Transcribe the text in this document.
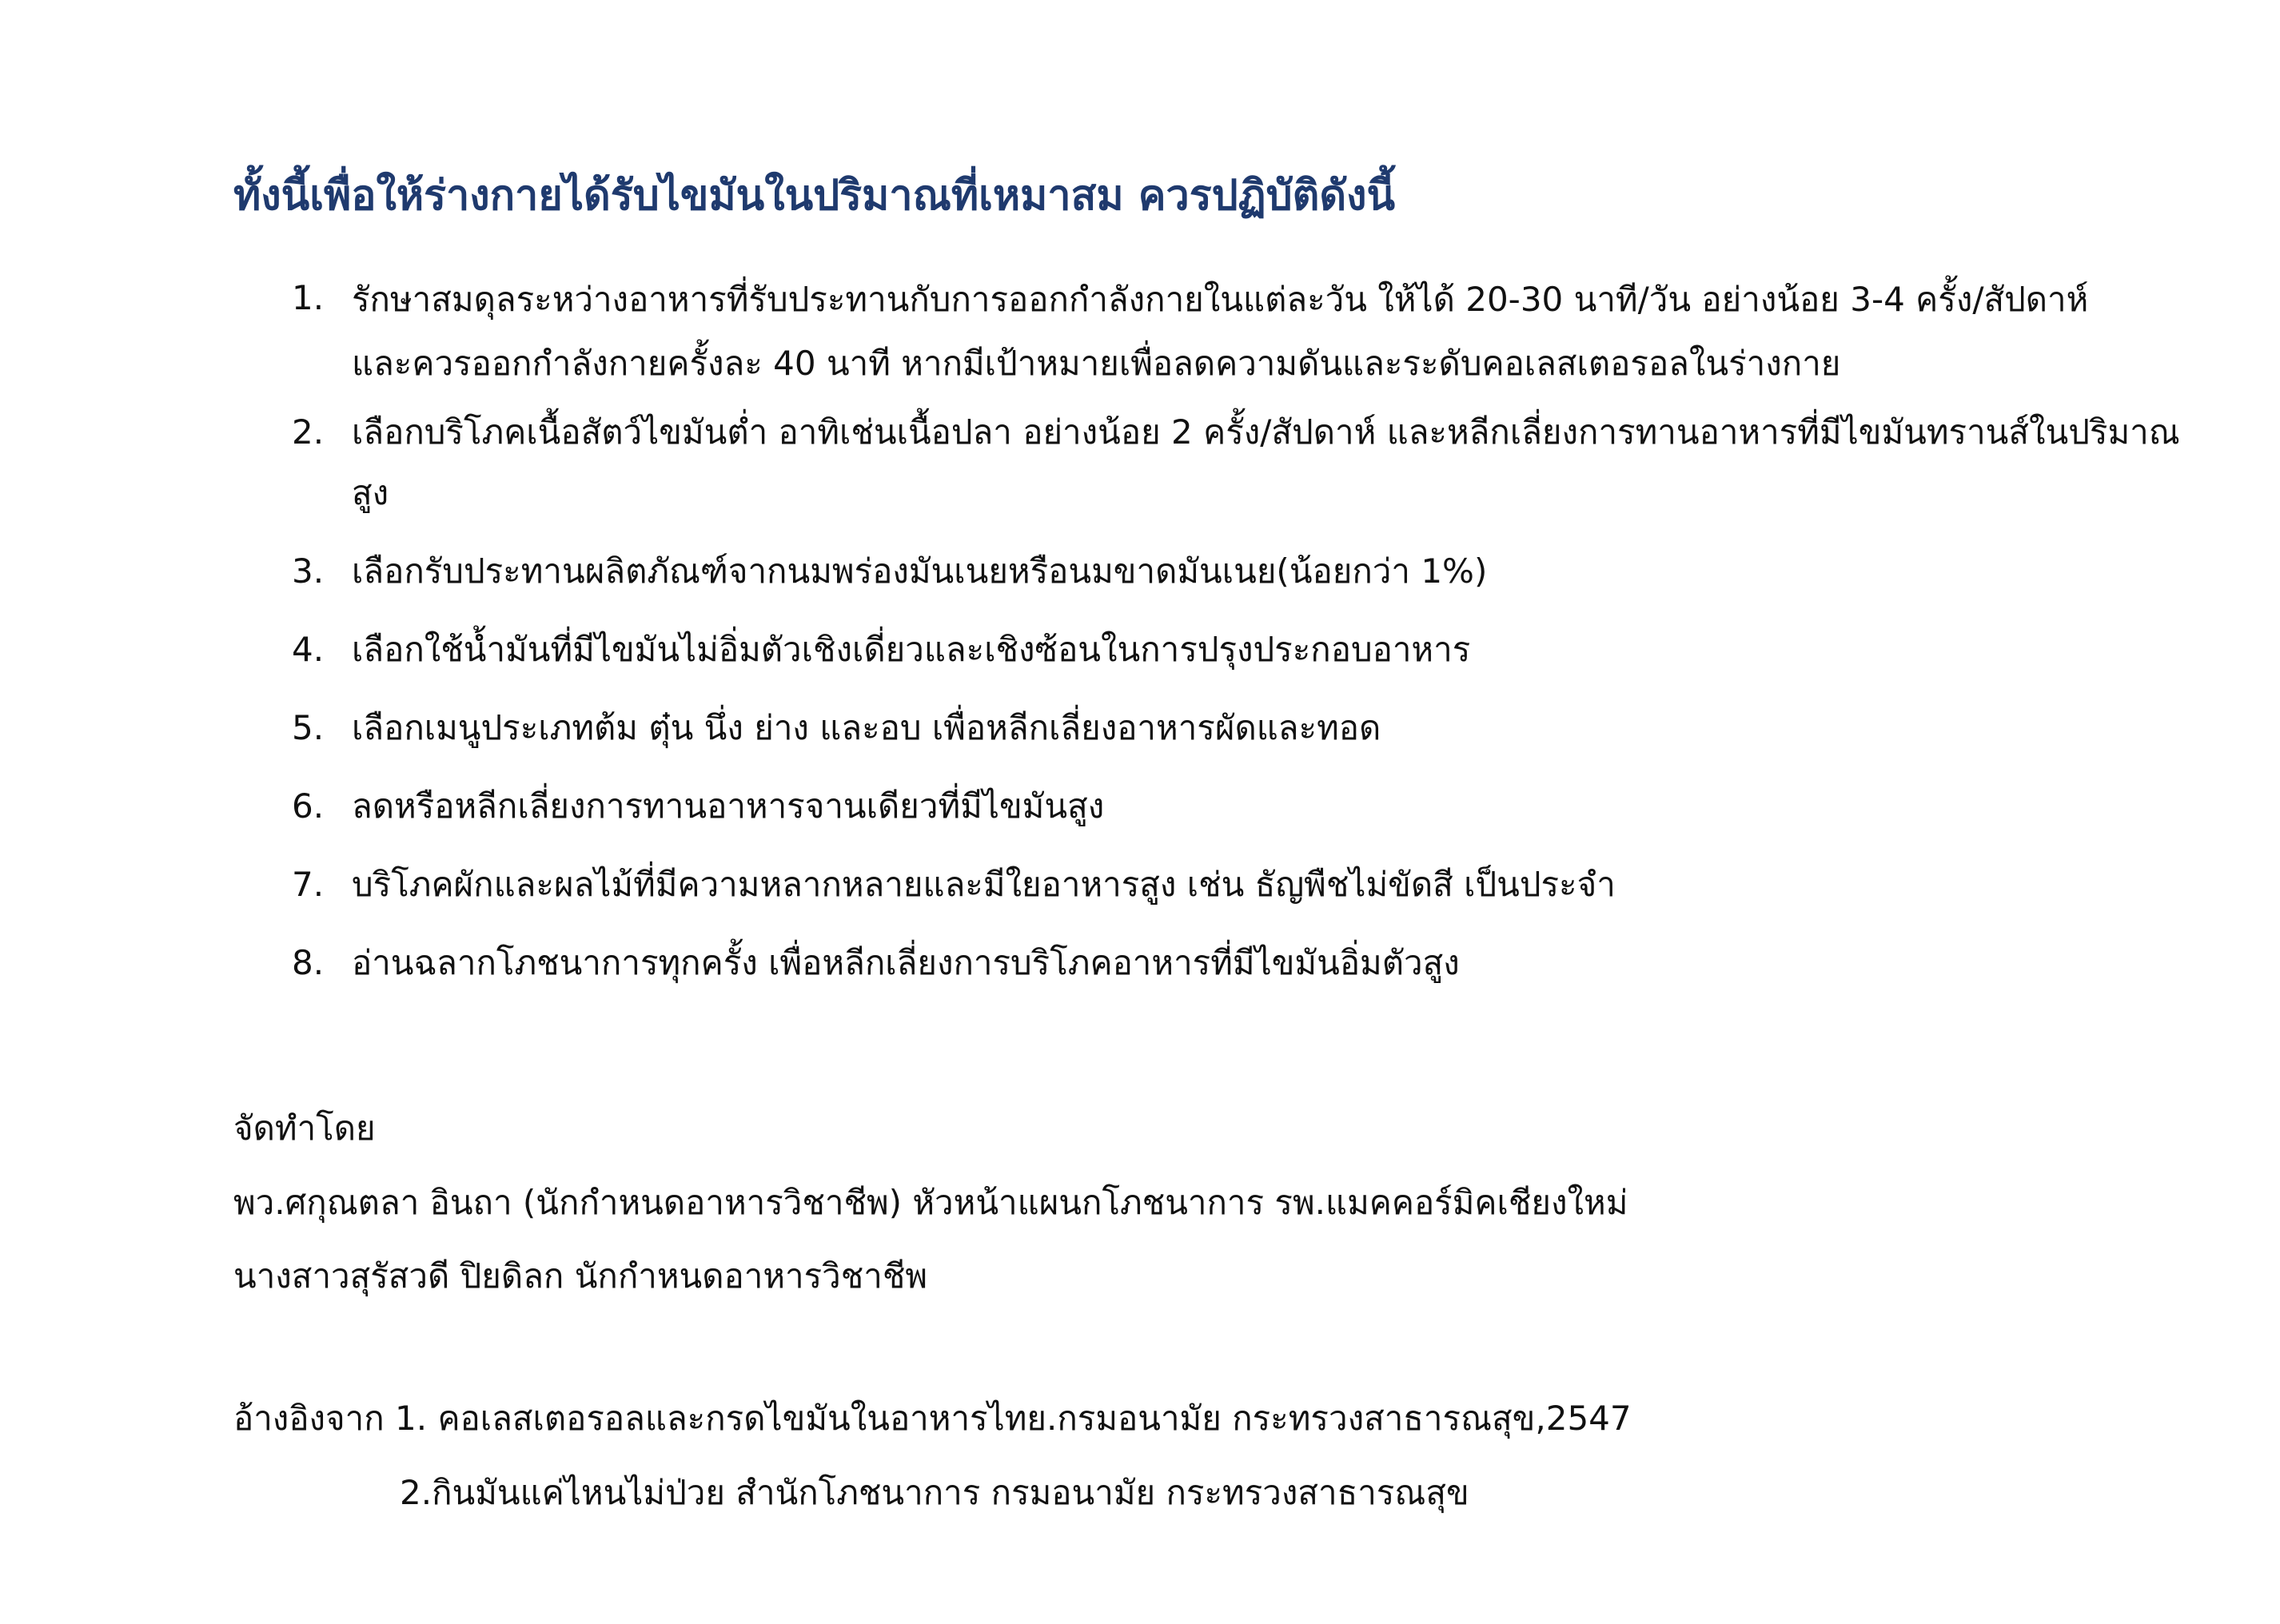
ทั้งนี้เพื่อให้ร่างกายได้รับไขมันในปริมาณที่เหมาสม ควรปฏิบัติดังนี้
1. รักษาสมดุลระหว่างอาหารที่รับประทานกับการออกกำลังกายในแต่ละวัน ให้ได้ 20-30 นาที/วัน อย่างน้อย 3-4 ครั้ง/สัปดาห์
และควรออกกำลังกายครั้งละ 40 นาที หากมีเป้าหมายเพื่อลดความดันและระดับคอเลสเตอรอลในร่างกาย
2. เลือกบริโภคเนื้อสัตว์ไขมันต่ำ อาทิเช่นเนื้อปลา อย่างน้อย 2 ครั้ง/สัปดาห์ และหลีกเลี่ยงการทานอาหารที่มีไขมันทรานส์ในปริมาณสูง
3. เลือกรับประทานผลิตภัณฑ์จากนมพร่องมันเนยหรือนมขาดมันเนย(น้อยกว่า 1%)
4. เลือกใช้น้ำมันที่มีไขมันไม่อิ่มตัวเชิงเดี่ยวและเชิงซ้อนในการปรุงประกอบอาหาร
5. เลือกเมนูประเภทต้ม ตุ๋น นึ่ง ย่าง และอบ เพื่อหลีกเลี่ยงอาหารผัดและทอด
6. ลดหรือหลีกเลี่ยงการทานอาหารจานเดียวที่มีไขมันสูง
7. บริโภคผักและผลไม้ที่มีความหลากหลายและมีใยอาหารสูง เช่น ธัญพืชไม่ขัดสี เป็นประจำ
8. อ่านฉลากโภชนาการทุกครั้ง เพื่อหลีกเลี่ยงการบริโภคอาหารที่มีไขมันอิ่มตัวสูง
จัดทำโดย
พว.ศกุณตลา อินถา (นักกำหนดอาหารวิชาชีพ) หัวหน้าแผนกโภชนาการ รพ.แมคคอร์มิคเชียงใหม่
นางสาวสุรัสวดี ปิยดิลก นักกำหนดอาหารวิชาชีพ
อ้างอิงจาก 1. คอเลสเตอรอลและกรดไขมันในอาหารไทย.กรมอนามัย กระทรวงสาธารณสุข,2547
2.กินมันแค่ไหนไม่ป่วย สำนักโภชนาการ กรมอนามัย กระทรวงสาธารณสุข
